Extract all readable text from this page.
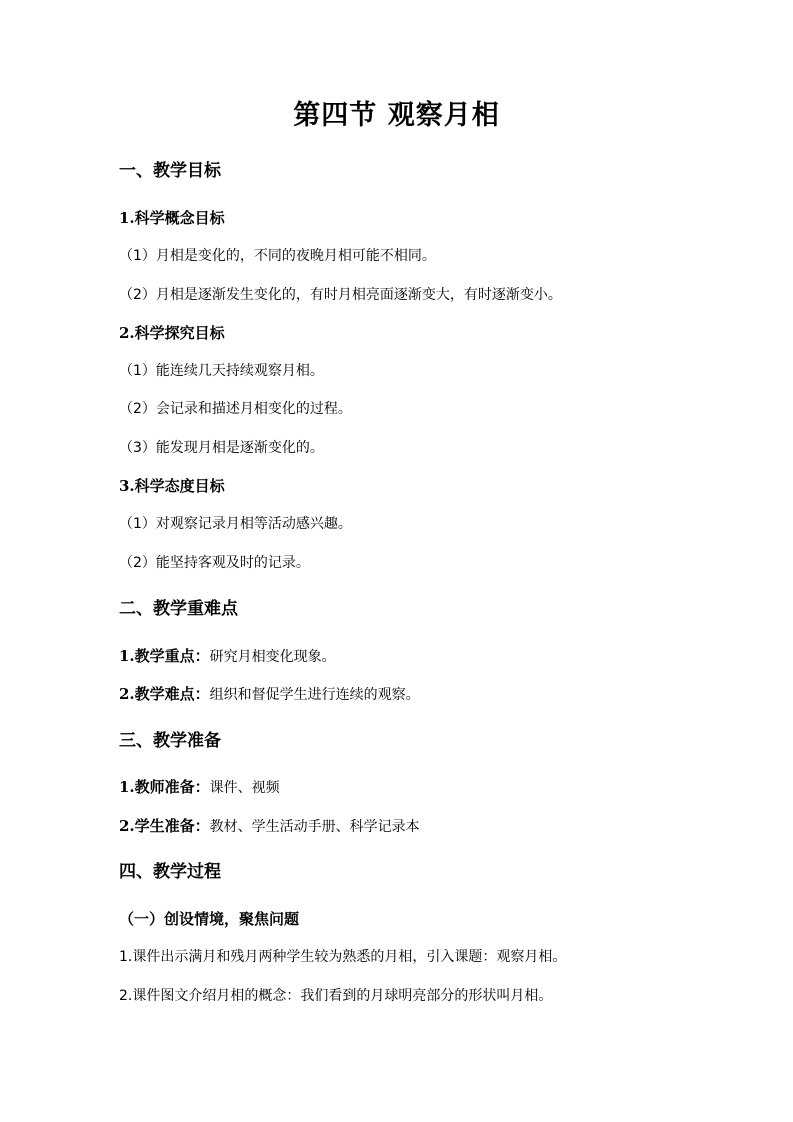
第四节 观察月相
一、教学目标
1.科学概念目标
（1）月相是变化的，不同的夜晚月相可能不相同。
（2）月相是逐渐发生变化的，有时月相亮面逐渐变大，有时逐渐变小。
2.科学探究目标
（1）能连续几天持续观察月相。
（2）会记录和描述月相变化的过程。
（3）能发现月相是逐渐变化的。
3.科学态度目标
（1）对观察记录月相等活动感兴趣。
（2）能坚持客观及时的记录。
二、教学重难点
1.教学重点：研究月相变化现象。
2.教学难点：组织和督促学生进行连续的观察。
三、教学准备
1.教师准备：课件、视频
2.学生准备：教材、学生活动手册、科学记录本
四、教学过程
（一）创设情境，聚焦问题
1.课件出示满月和残月两种学生较为熟悉的月相，引入课题：观察月相。
2.课件图文介绍月相的概念：我们看到的月球明亮部分的形状叫月相。
